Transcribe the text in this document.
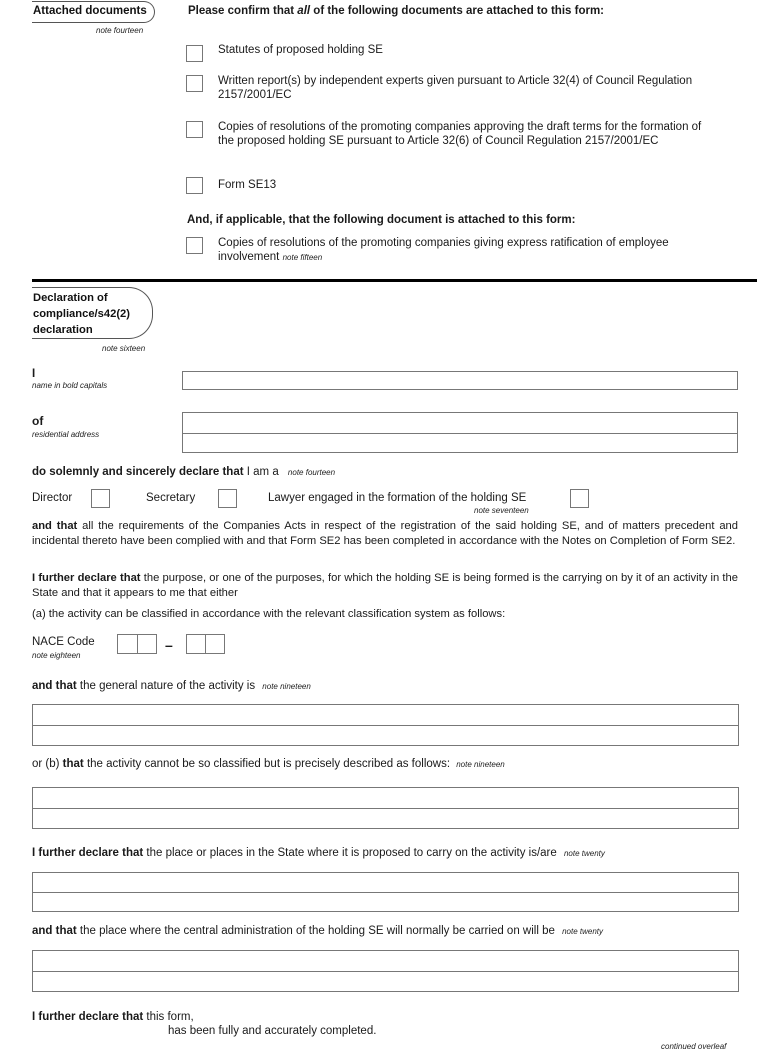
Attached documents
note fourteen
Please confirm that all of the following documents are attached to this form:
Statutes of proposed holding SE
Written report(s) by independent experts given pursuant to Article 32(4) of Council Regulation
2157/2001/EC
Copies of resolutions of the promoting companies approving the draft terms for the formation of
the proposed holding SE pursuant to Article 32(6) of Council Regulation 2157/2001/EC
Form SE13
And, if applicable, that the following document is attached to this form:
Copies of resolutions of the promoting companies giving express ratification of employee
involvement note fifteen
Declaration of
compliance/s42(2)
declaration
note sixteen
I
name in bold capitals
of
residential address
do solemnly and sincerely declare that I am a note fourteen
Director	Secretary	Lawyer engaged in the formation of the holding SE
note seventeen
and that all the requirements of the Companies Acts in respect of the registration of the said holding SE, and of matters precedent and incidental thereto have been complied with and that Form SE2 has been completed in accordance with the Notes on Completion of Form SE2.
I further declare that the purpose, or one of the purposes, for which the holding SE is being formed is the carrying on by it of an activity in the State and that it appears to me that either
(a) the activity can be classified in accordance with the relevant classification system as follows:
NACE Code
note eighteen
–
and that the general nature of the activity is note nineteen
or (b) that the activity cannot be so classified but is precisely described as follows: note nineteen
I further declare that the place or places in the State where it is proposed to carry on the activity is/are note twenty
and that the place where the central administration of the holding SE will normally be carried on will be note twenty
I further declare that this form,
has been fully and accurately completed.
continued overleaf
